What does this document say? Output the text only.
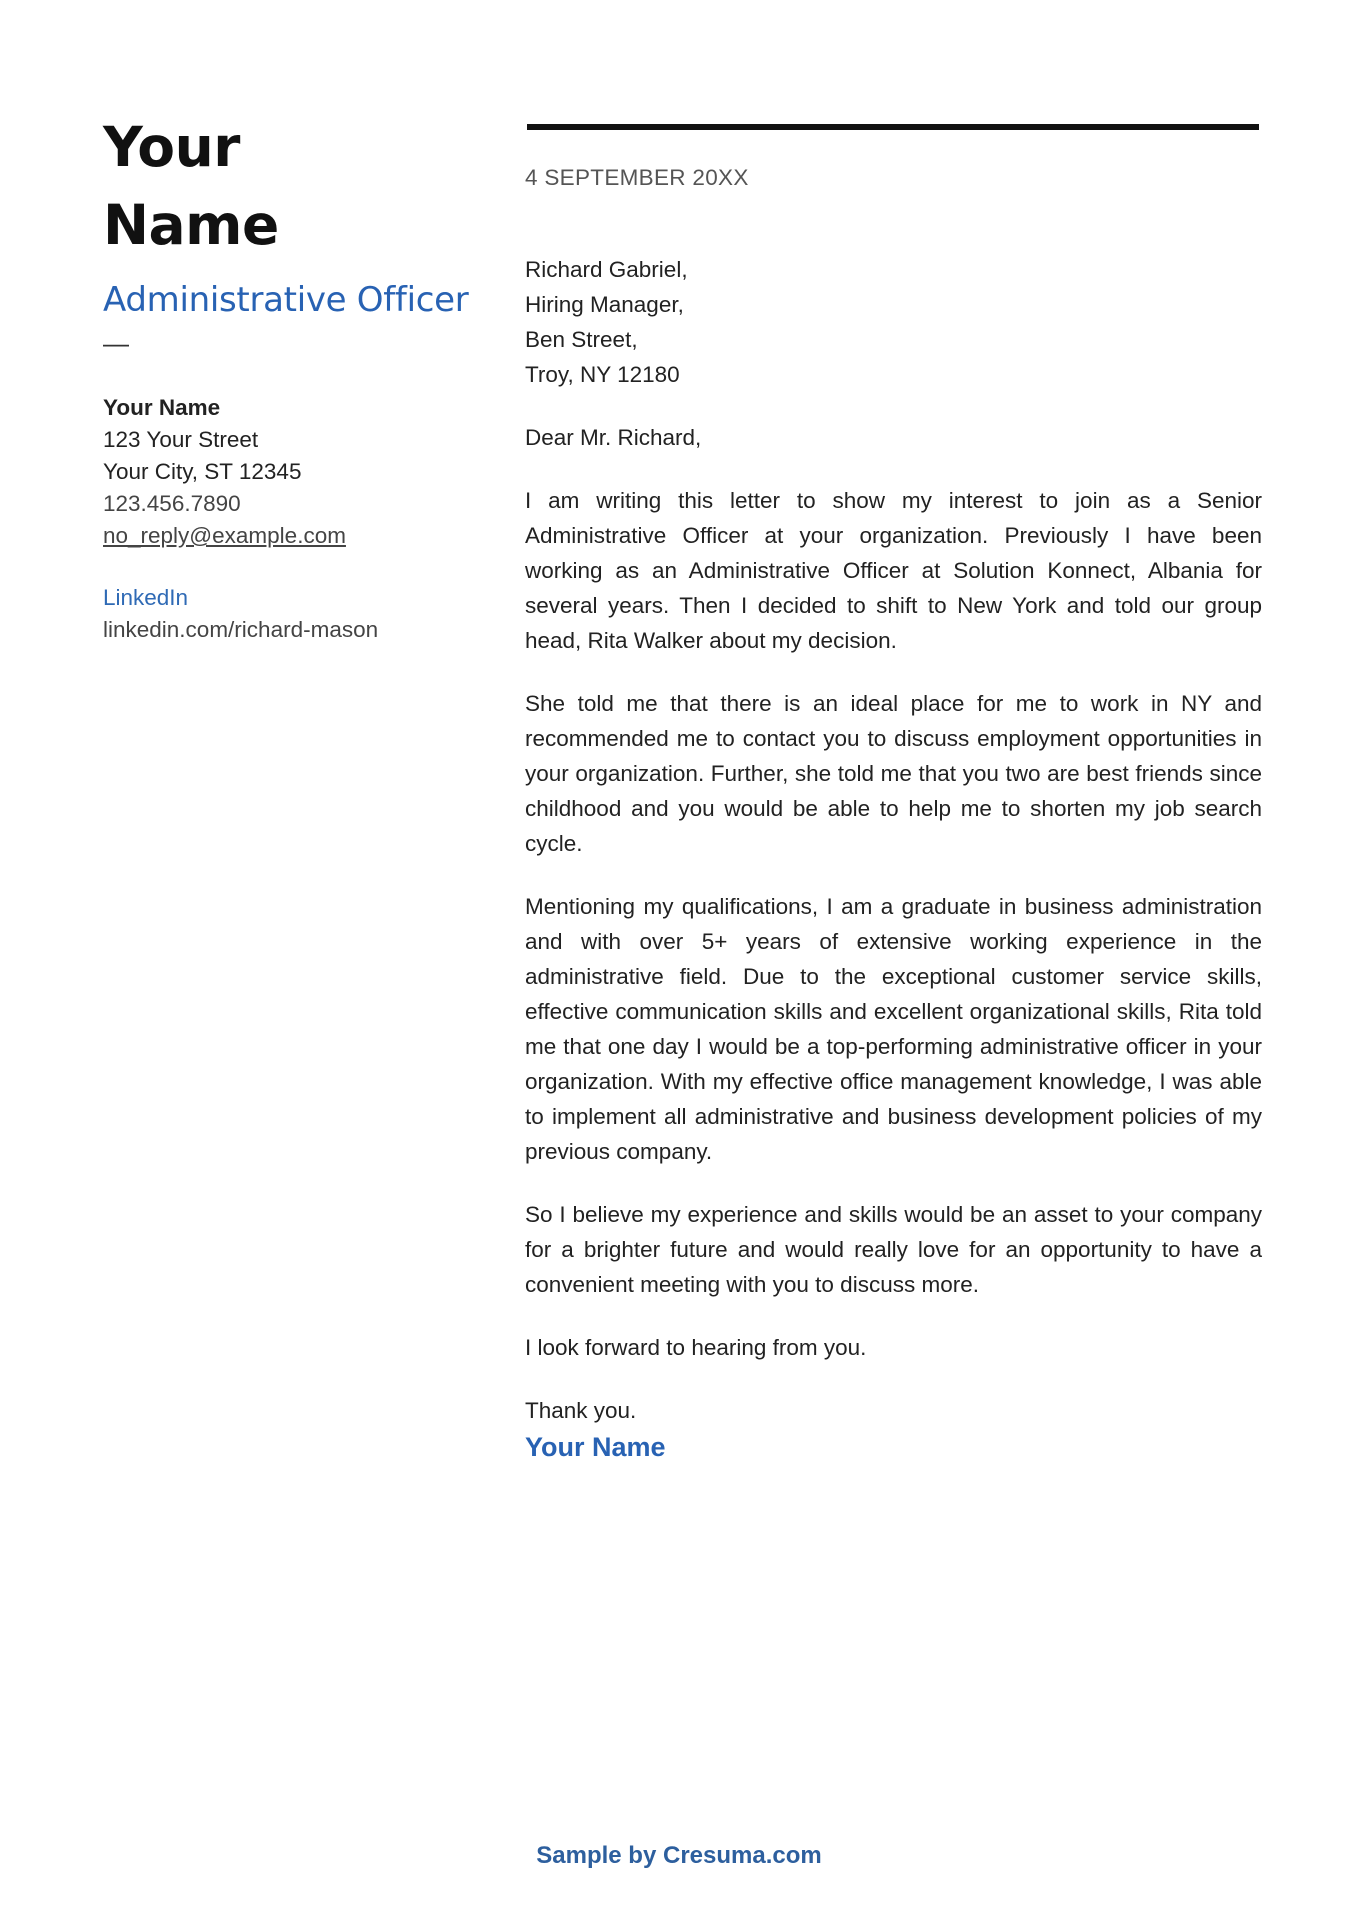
Your
Name
Administrative Officer
—
Your Name
123 Your Street
Your City, ST 12345
123.456.7890
no_reply@example.com
LinkedIn
linkedin.com/richard-mason
4 SEPTEMBER 20XX
Richard Gabriel,
Hiring Manager,
Ben Street,
Troy, NY 12180
Dear Mr. Richard,

I am writing this letter to show my interest to join as a Senior Administrative Officer at your organization. Previously I have been working as an Administrative Officer at Solution Konnect, Albania for several years. Then I decided to shift to New York and told our group head, Rita Walker about my decision.

She told me that there is an ideal place for me to work in NY and recommended me to contact you to discuss employment opportunities in your organization. Further, she told me that you two are best friends since childhood and you would be able to help me to shorten my job search cycle.

Mentioning my qualifications, I am a graduate in business administration and with over 5+ years of extensive working experience in the administrative field. Due to the exceptional customer service skills, effective communication skills and excellent organizational skills, Rita told me that one day I would be a top-performing administrative officer in your organization. With my effective office management knowledge, I was able to implement all administrative and business development policies of my previous company.

So I believe my experience and skills would be an asset to your company for a brighter future and would really love for an opportunity to have a convenient meeting with you to discuss more.

I look forward to hearing from you.

Thank you.
Your Name
Sample by Cresuma.com
